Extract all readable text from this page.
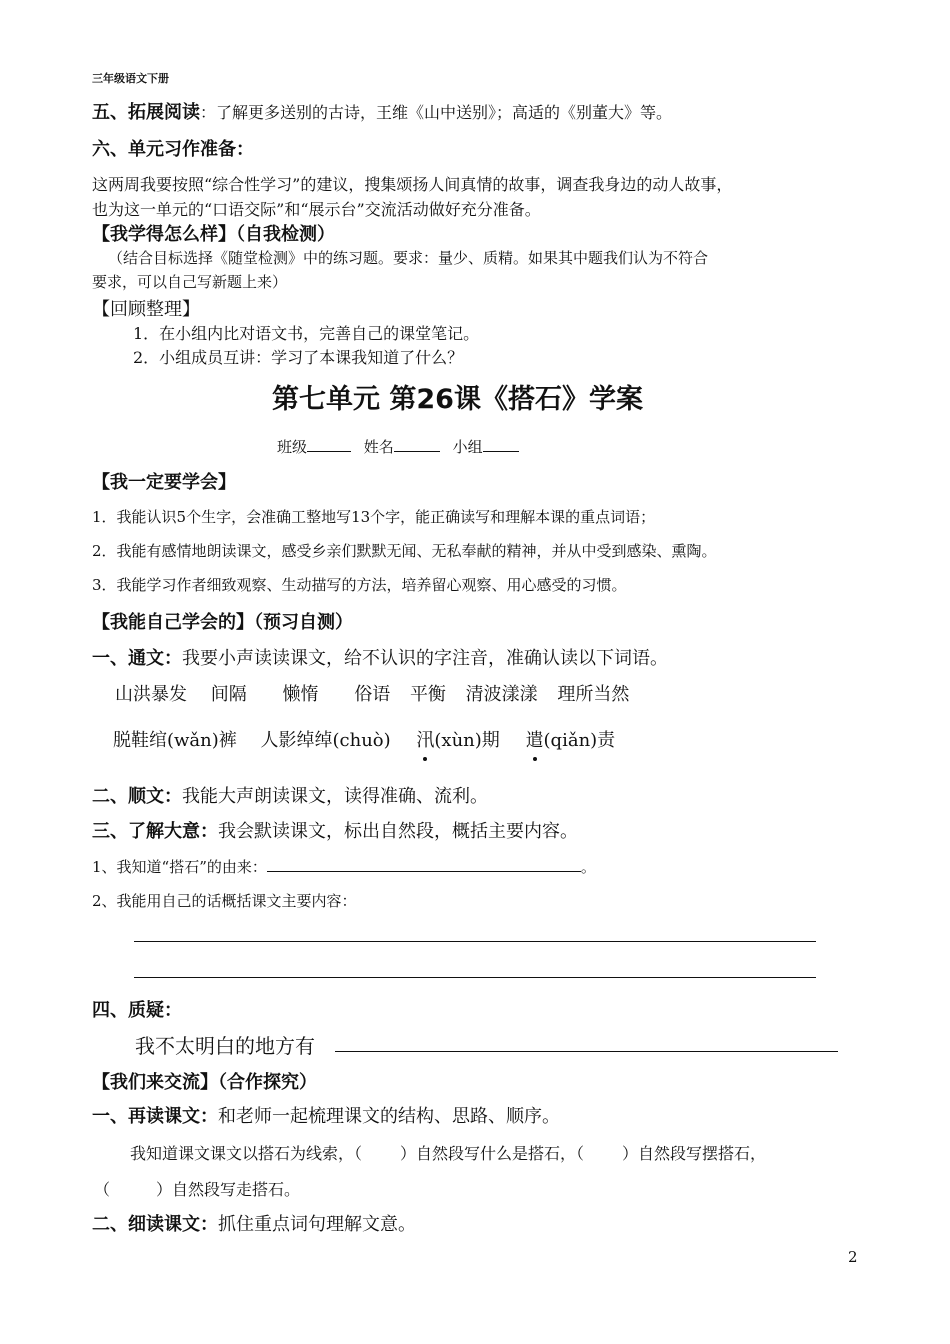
三年级语文下册
五、拓展阅读：了解更多送别的古诗，王维《山中送别》；高适的《别董大》等。
六、单元习作准备：
这两周我要按照“综合性学习”的建议，搜集颂扬人间真情的故事，调查我身边的动人故事，
也为这一单元的“口语交际”和“展示台”交流活动做好充分准备。
【我学得怎么样】（自我检测）
（结合目标选择《随堂检测》中的练习题。要求：量少、质精。如果其中题我们认为不符合
要求，可以自己写新题上来）
【回顾整理】
1．在小组内比对语文书，完善自己的课堂笔记。
2．小组成员互讲：学习了本课我知道了什么？
第七单元 第26课《搭石》学案
班级	姓名	小组
【我一定要学会】
1．我能认识5个生字，会准确工整地写13个字，能正确读写和理解本课的重点词语；
2．我能有感情地朗读课文，感受乡亲们默默无闻、无私奉献的精神，并从中受到感染、熏陶。
3．我能学习作者细致观察、生动描写的方法，培养留心观察、用心感受的习惯。
【我能自己学会的】（预习自测）
一、通文：我要小声读读课文，给不认识的字注音，准确认读以下词语。
山洪暴发 间隔 懒惰 俗语 平衡 清波漾漾 理所当然
脱鞋绾(wǎn)裤 人影绰绰(chuò) 汛(xùn)期 遣(qiǎn)责
二、顺文：我能大声朗读课文，读得准确、流利。
三、了解大意：我会默读课文，标出自然段，概括主要内容。
1、我知道“搭石”的由来：	。
2、我能用自己的话概括课文主要内容：
四、质疑：
我不太明白的地方有
【我们来交流】（合作探究）
一、再读课文：和老师一起梳理课文的结构、思路、顺序。
我知道课文课文以搭石为线索，（ ）自然段写什么是搭石，（ ）自然段写摆搭石，
（	）自然段写走搭石。
二、细读课文：抓住重点词句理解文意。
2
